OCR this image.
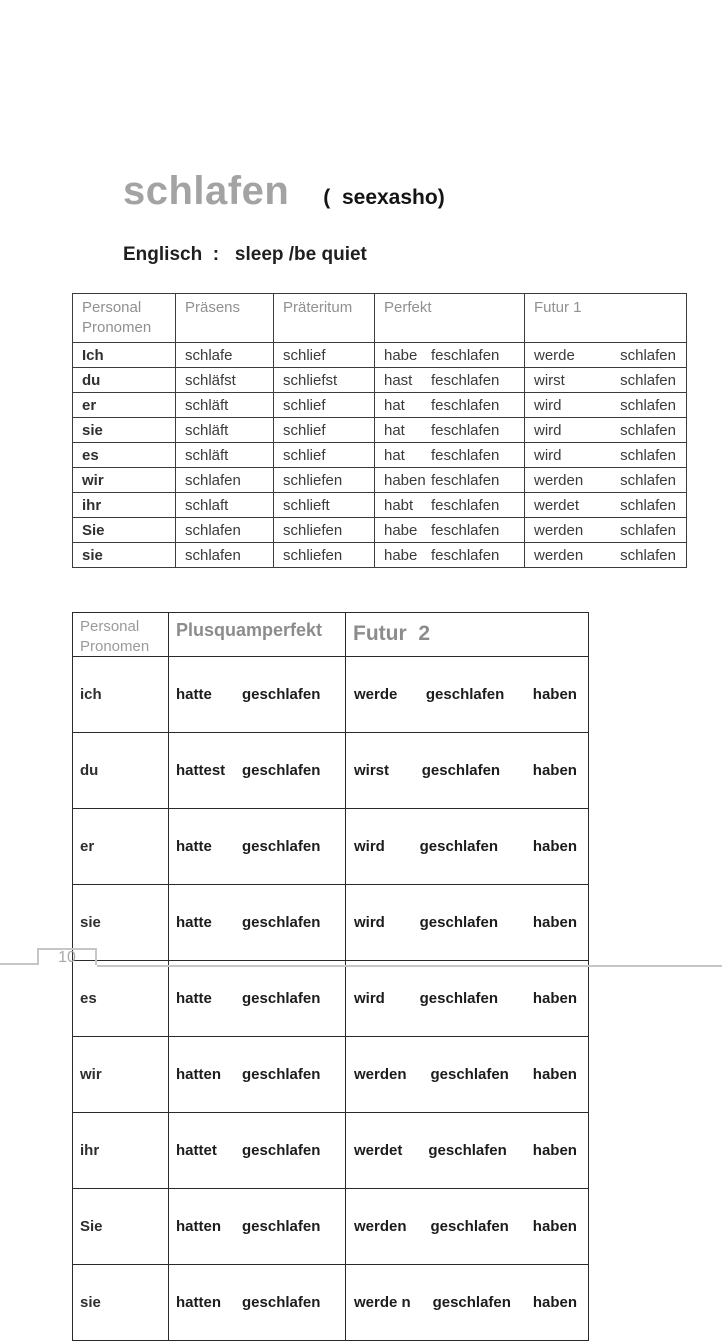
schlafen (  seexasho)
Englisch  :   sleep /be quiet
Personal Pronomen	Präsens	Präteritum	Perfekt	Futur 1
Ich	schlafe	schlief	habe feschlafen	werde schlafen

du	schläfst	schliefst	hast feschlafen	wirst schlafen

er	schläft	schlief	hat feschlafen	wird schlafen

sie	schläft	schlief	hat feschlafen	wird schlafen

es	schläft	schlief	hat feschlafen	wird schlafen

wir	schlafen	schliefen	haben feschlafen	werden schlafen

ihr	schlaft	schlieft	habt feschlafen	werdet schlafen

Sie	schlafen	schliefen	habe feschlafen	werden schlafen

sie	schlafen	schliefen	habe feschlafen	werden schlafen
Personal Pronomen	Plusquamperfekt	Futur  2
ich	hatte geschlafen	werde geschlafen haben

du	hattest geschlafen	wirst geschlafen haben

er	hatte geschlafen	wird geschlafen haben

sie	hatte geschlafen	wird geschlafen haben

es	hatte geschlafen	wird geschlafen haben

wir	hatten geschlafen	werden geschlafen haben

ihr	hattet geschlafen	werdet geschlafen haben

Sie	hatten geschlafen	werden geschlafen haben

sie	hatten geschlafen	werde n geschlafen haben

10
